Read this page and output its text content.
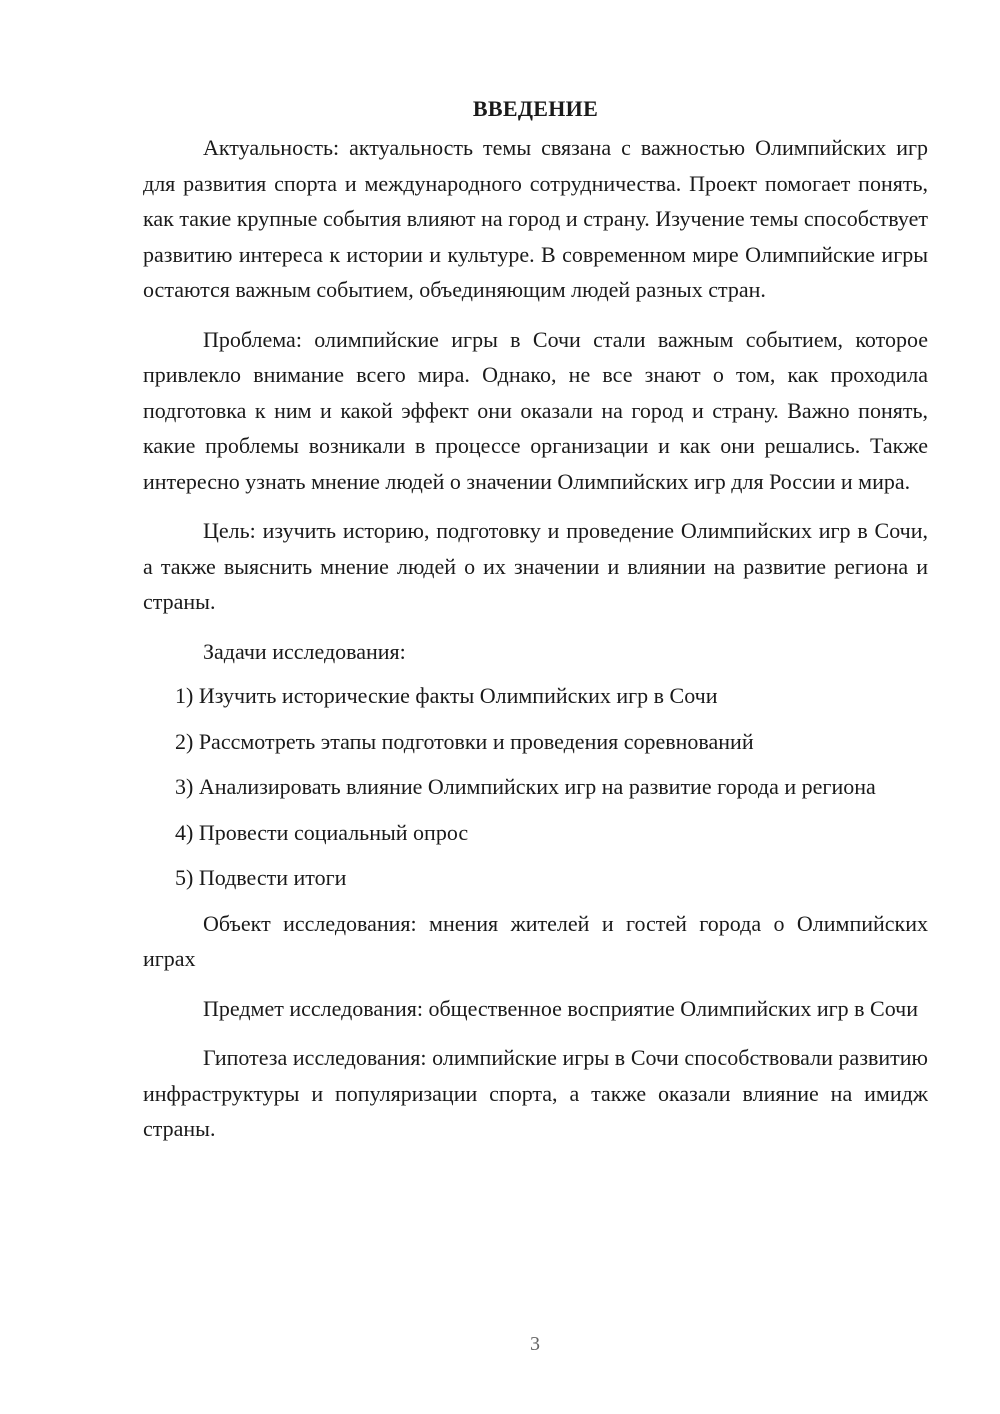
ВВЕДЕНИЕ

Актуальность: актуальность темы связана с важностью Олимпийских игр для развития спорта и международного сотрудничества. Проект помогает понять, как такие крупные события влияют на город и страну. Изучение темы способствует развитию интереса к истории и культуре. В современном мире Олимпийские игры остаются важным событием, объединяющим людей разных стран.

Проблема: олимпийские игры в Сочи стали важным событием, которое привлекло внимание всего мира. Однако, не все знают о том, как проходила подготовка к ним и какой эффект они оказали на город и страну. Важно понять, какие проблемы возникали в процессе организации и как они решались. Также интересно узнать мнение людей о значении Олимпийских игр для России и мира.

Цель: изучить историю, подготовку и проведение Олимпийских игр в Сочи, а также выяснить мнение людей о их значении и влиянии на развитие региона и страны.

Задачи исследования:

1) Изучить исторические факты Олимпийских игр в Сочи

2) Рассмотреть этапы подготовки и проведения соревнований

3) Анализировать влияние Олимпийских игр на развитие города и региона

4) Провести социальный опрос

5) Подвести итоги

Объект исследования: мнения жителей и гостей города о Олимпийских играх

Предмет исследования: общественное восприятие Олимпийских игр в Сочи

Гипотеза исследования: олимпийские игры в Сочи способствовали развитию инфраструктуры и популяризации спорта, а также оказали влияние на имидж страны.

3
